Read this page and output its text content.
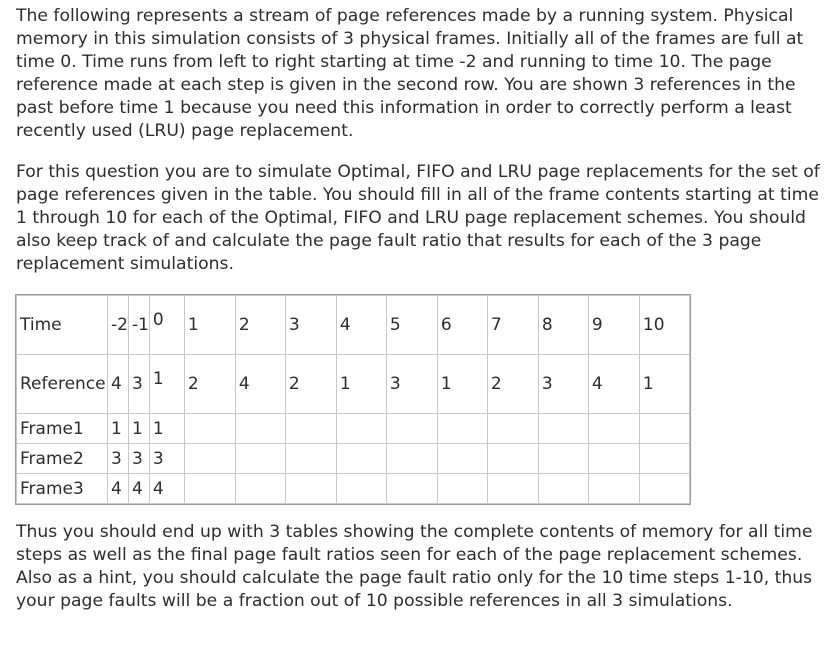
The following represents a stream of page references made by a running system. Physical memory in this simulation consists of 3 physical frames. Initially all of the frames are full at time 0. Time runs from left to right starting at time -2 and running to time 10. The page reference made at each step is given in the second row. You are shown 3 references in the past before time 1 because you need this information in order to correctly perform a least recently used (LRU) page replacement.

For this question you are to simulate Optimal, FIFO and LRU page replacements for the set of page references given in the table. You should fill in all of the frame contents starting at time 1 through 10 for each of the Optimal, FIFO and LRU page replacement schemes. You should also keep track of and calculate the page fault ratio that results for each of the 3 page replacement simulations.

Time	-2	-1	0	1	2	3	4	5	6	7	8	9	10
Reference	4	3	1	2	4	2	1	3	1	2	3	4	1
Frame1	1	1	1										
Frame2	3	3	3										
Frame3	4	4	4										

Thus you should end up with 3 tables showing the complete contents of memory for all time steps as well as the final page fault ratios seen for each of the page replacement schemes. Also as a hint, you should calculate the page fault ratio only for the 10 time steps 1-10, thus your page faults will be a fraction out of 10 possible references in all 3 simulations.
